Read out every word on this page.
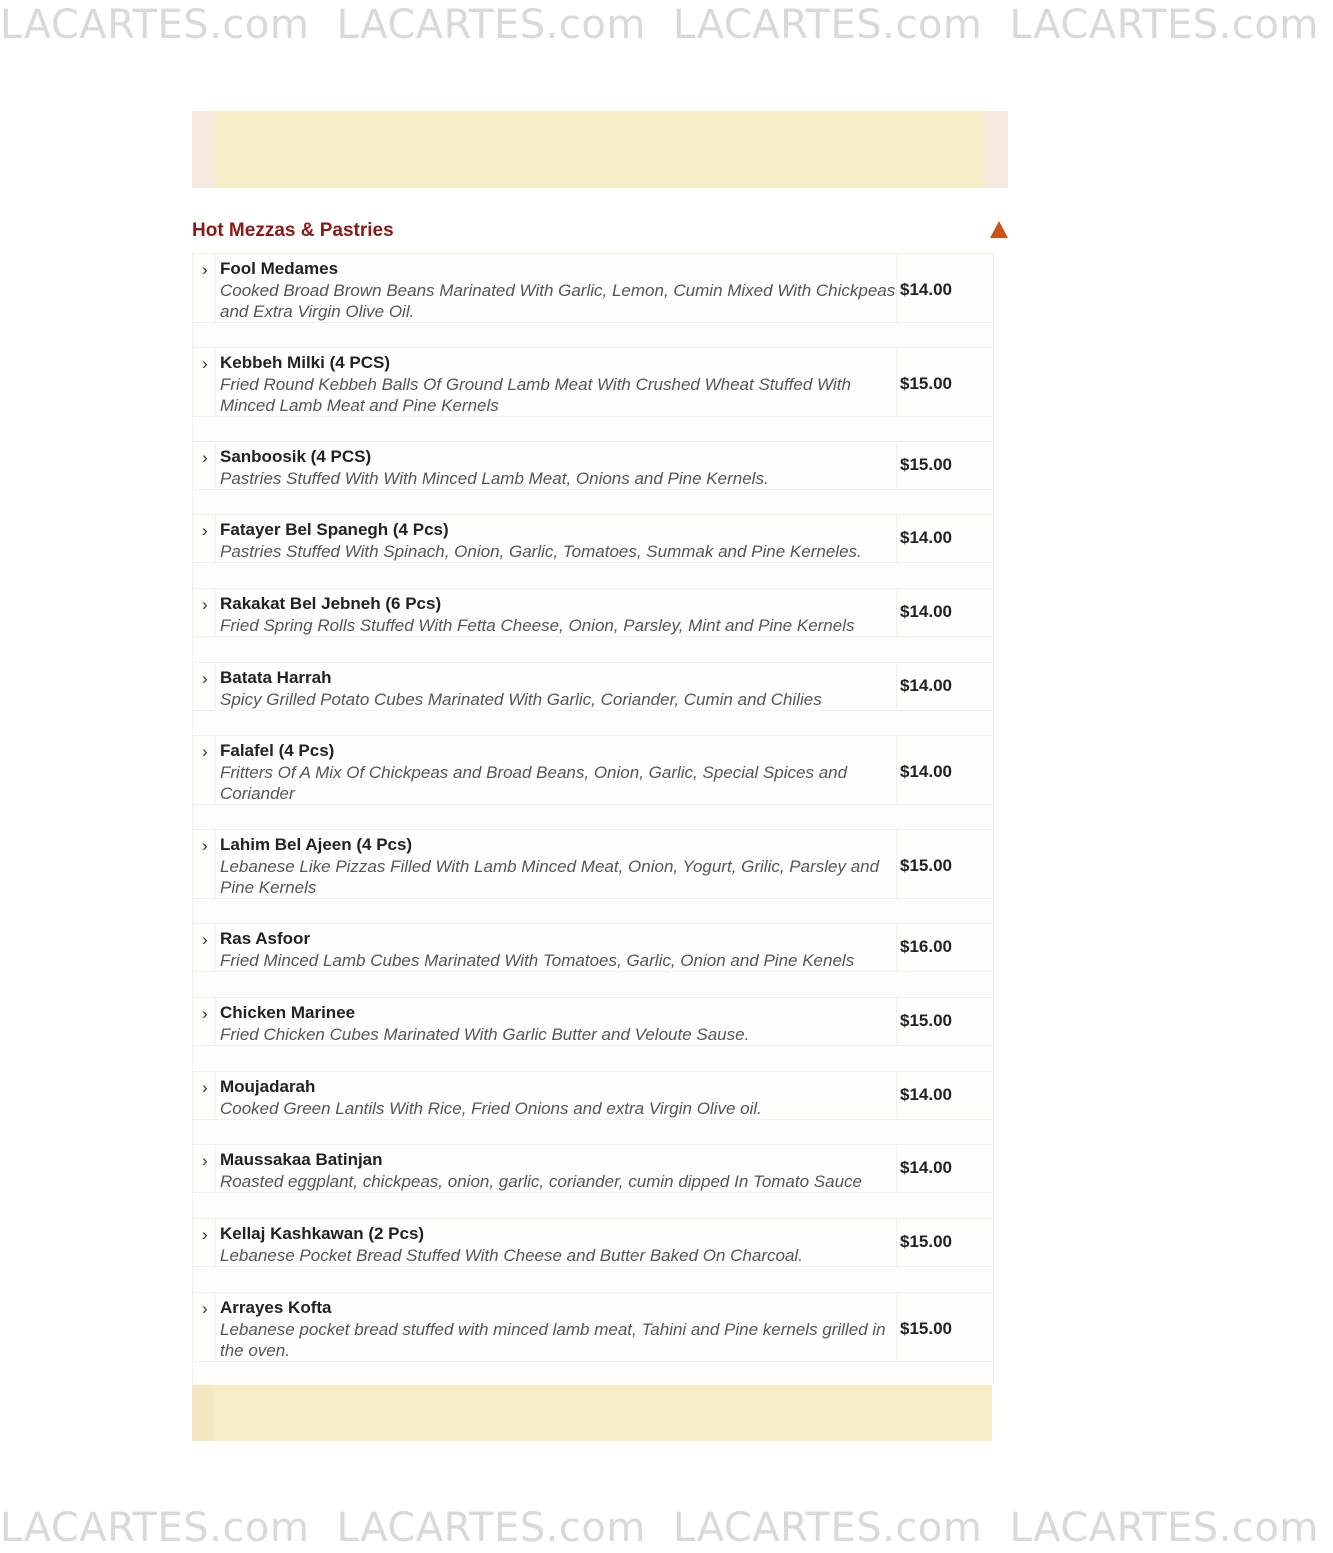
LACARTES.com LACARTES.com LACARTES.com LACARTES.com
Hot Mezzas & Pastries
› Fool Medames
Cooked Broad Brown Beans Marinated With Garlic, Lemon, Cumin Mixed With Chickpeas and Extra Virgin Olive Oil.
$14.00
› Kebbeh Milki (4 PCS)
Fried Round Kebbeh Balls Of Ground Lamb Meat With Crushed Wheat Stuffed With Minced Lamb Meat and Pine Kernels
$15.00
› Sanboosik (4 PCS)
Pastries Stuffed With With Minced Lamb Meat, Onions and Pine Kernels.
$15.00
› Fatayer Bel Spanegh (4 Pcs)
Pastries Stuffed With Spinach, Onion, Garlic, Tomatoes, Summak and Pine Kerneles.
$14.00
› Rakakat Bel Jebneh (6 Pcs)
Fried Spring Rolls Stuffed With Fetta Cheese, Onion, Parsley, Mint and Pine Kernels
$14.00
› Batata Harrah
Spicy Grilled Potato Cubes Marinated With Garlic, Coriander, Cumin and Chilies
$14.00
› Falafel (4 Pcs)
Fritters Of A Mix Of Chickpeas and Broad Beans, Onion, Garlic, Special Spices and Coriander
$14.00
› Lahim Bel Ajeen (4 Pcs)
Lebanese Like Pizzas Filled With Lamb Minced Meat, Onion, Yogurt, Grilic, Parsley and Pine Kernels
$15.00
› Ras Asfoor
Fried Minced Lamb Cubes Marinated With Tomatoes, Garlic, Onion and Pine Kenels
$16.00
› Chicken Marinee
Fried Chicken Cubes Marinated With Garlic Butter and Veloute Sause.
$15.00
› Moujadarah
Cooked Green Lantils With Rice, Fried Onions and extra Virgin Olive oil.
$14.00
› Maussakaa Batinjan
Roasted eggplant, chickpeas, onion, garlic, coriander, cumin dipped In Tomato Sauce
$14.00
› Kellaj Kashkawan (2 Pcs)
Lebanese Pocket Bread Stuffed With Cheese and Butter Baked On Charcoal.
$15.00
› Arrayes Kofta
Lebanese pocket bread stuffed with minced lamb meat, Tahini and Pine kernels grilled in the oven.
$15.00
LACARTES.com LACARTES.com LACARTES.com LACARTES.com
